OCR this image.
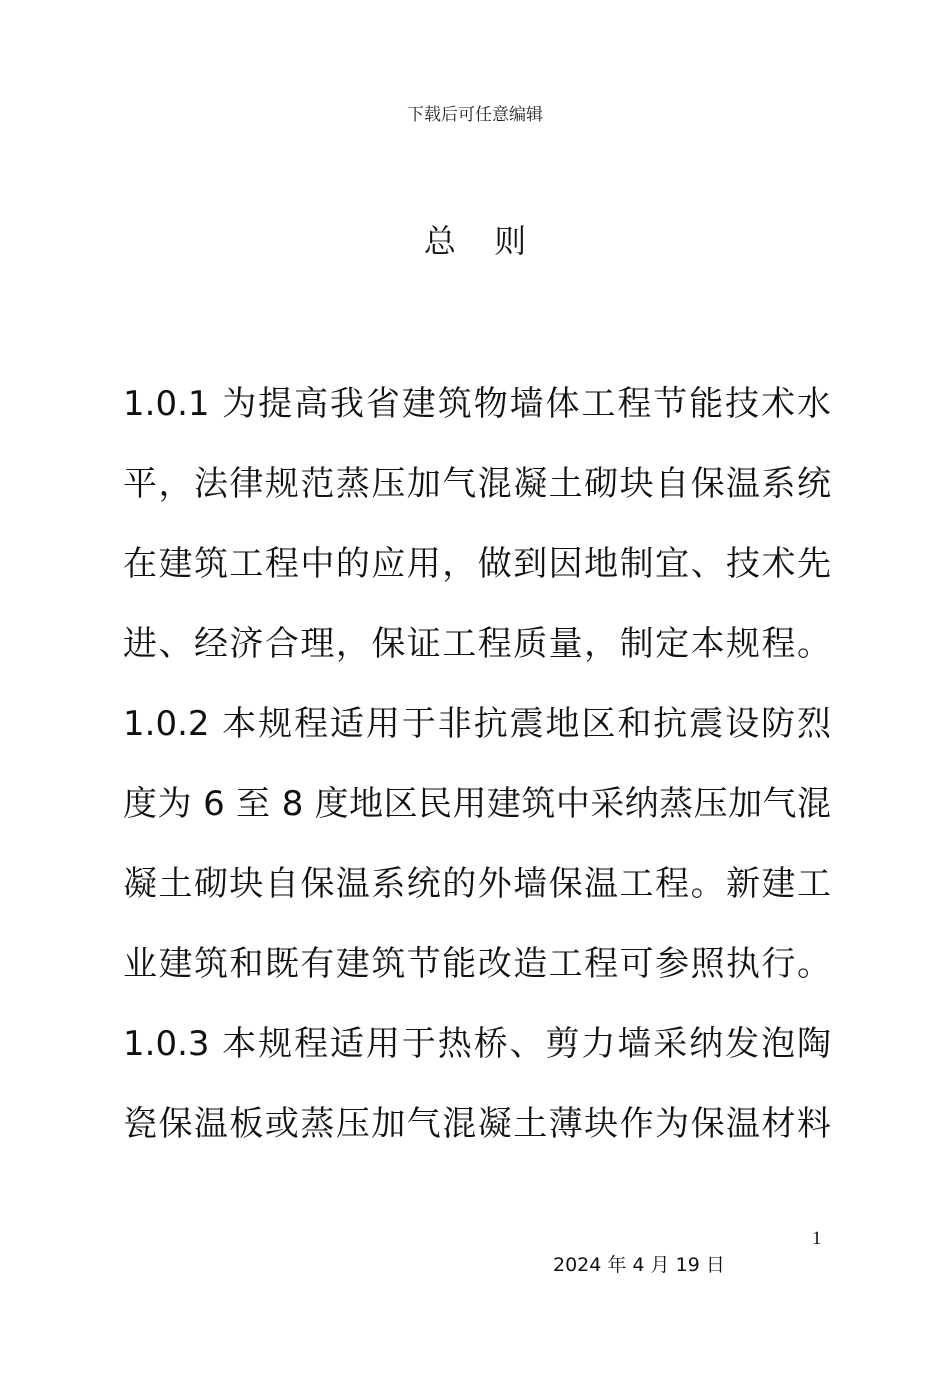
下载后可任意编辑
总 则
1.0.1 为提高我省建筑物墙体工程节能技术水
平，法律规范蒸压加气混凝土砌块自保温系统
在建筑工程中的应用，做到因地制宜、技术先
进、经济合理，保证工程质量，制定本规程。
1.0.2 本规程适用于非抗震地区和抗震设防烈
度为 6 至 8 度地区民用建筑中采纳蒸压加气混
凝土砌块自保温系统的外墙保温工程。新建工
业建筑和既有建筑节能改造工程可参照执行。
1.0.3 本规程适用于热桥、剪力墙采纳发泡陶
瓷保温板或蒸压加气混凝土薄块作为保温材料
1
2024 年 4 月 19 日
